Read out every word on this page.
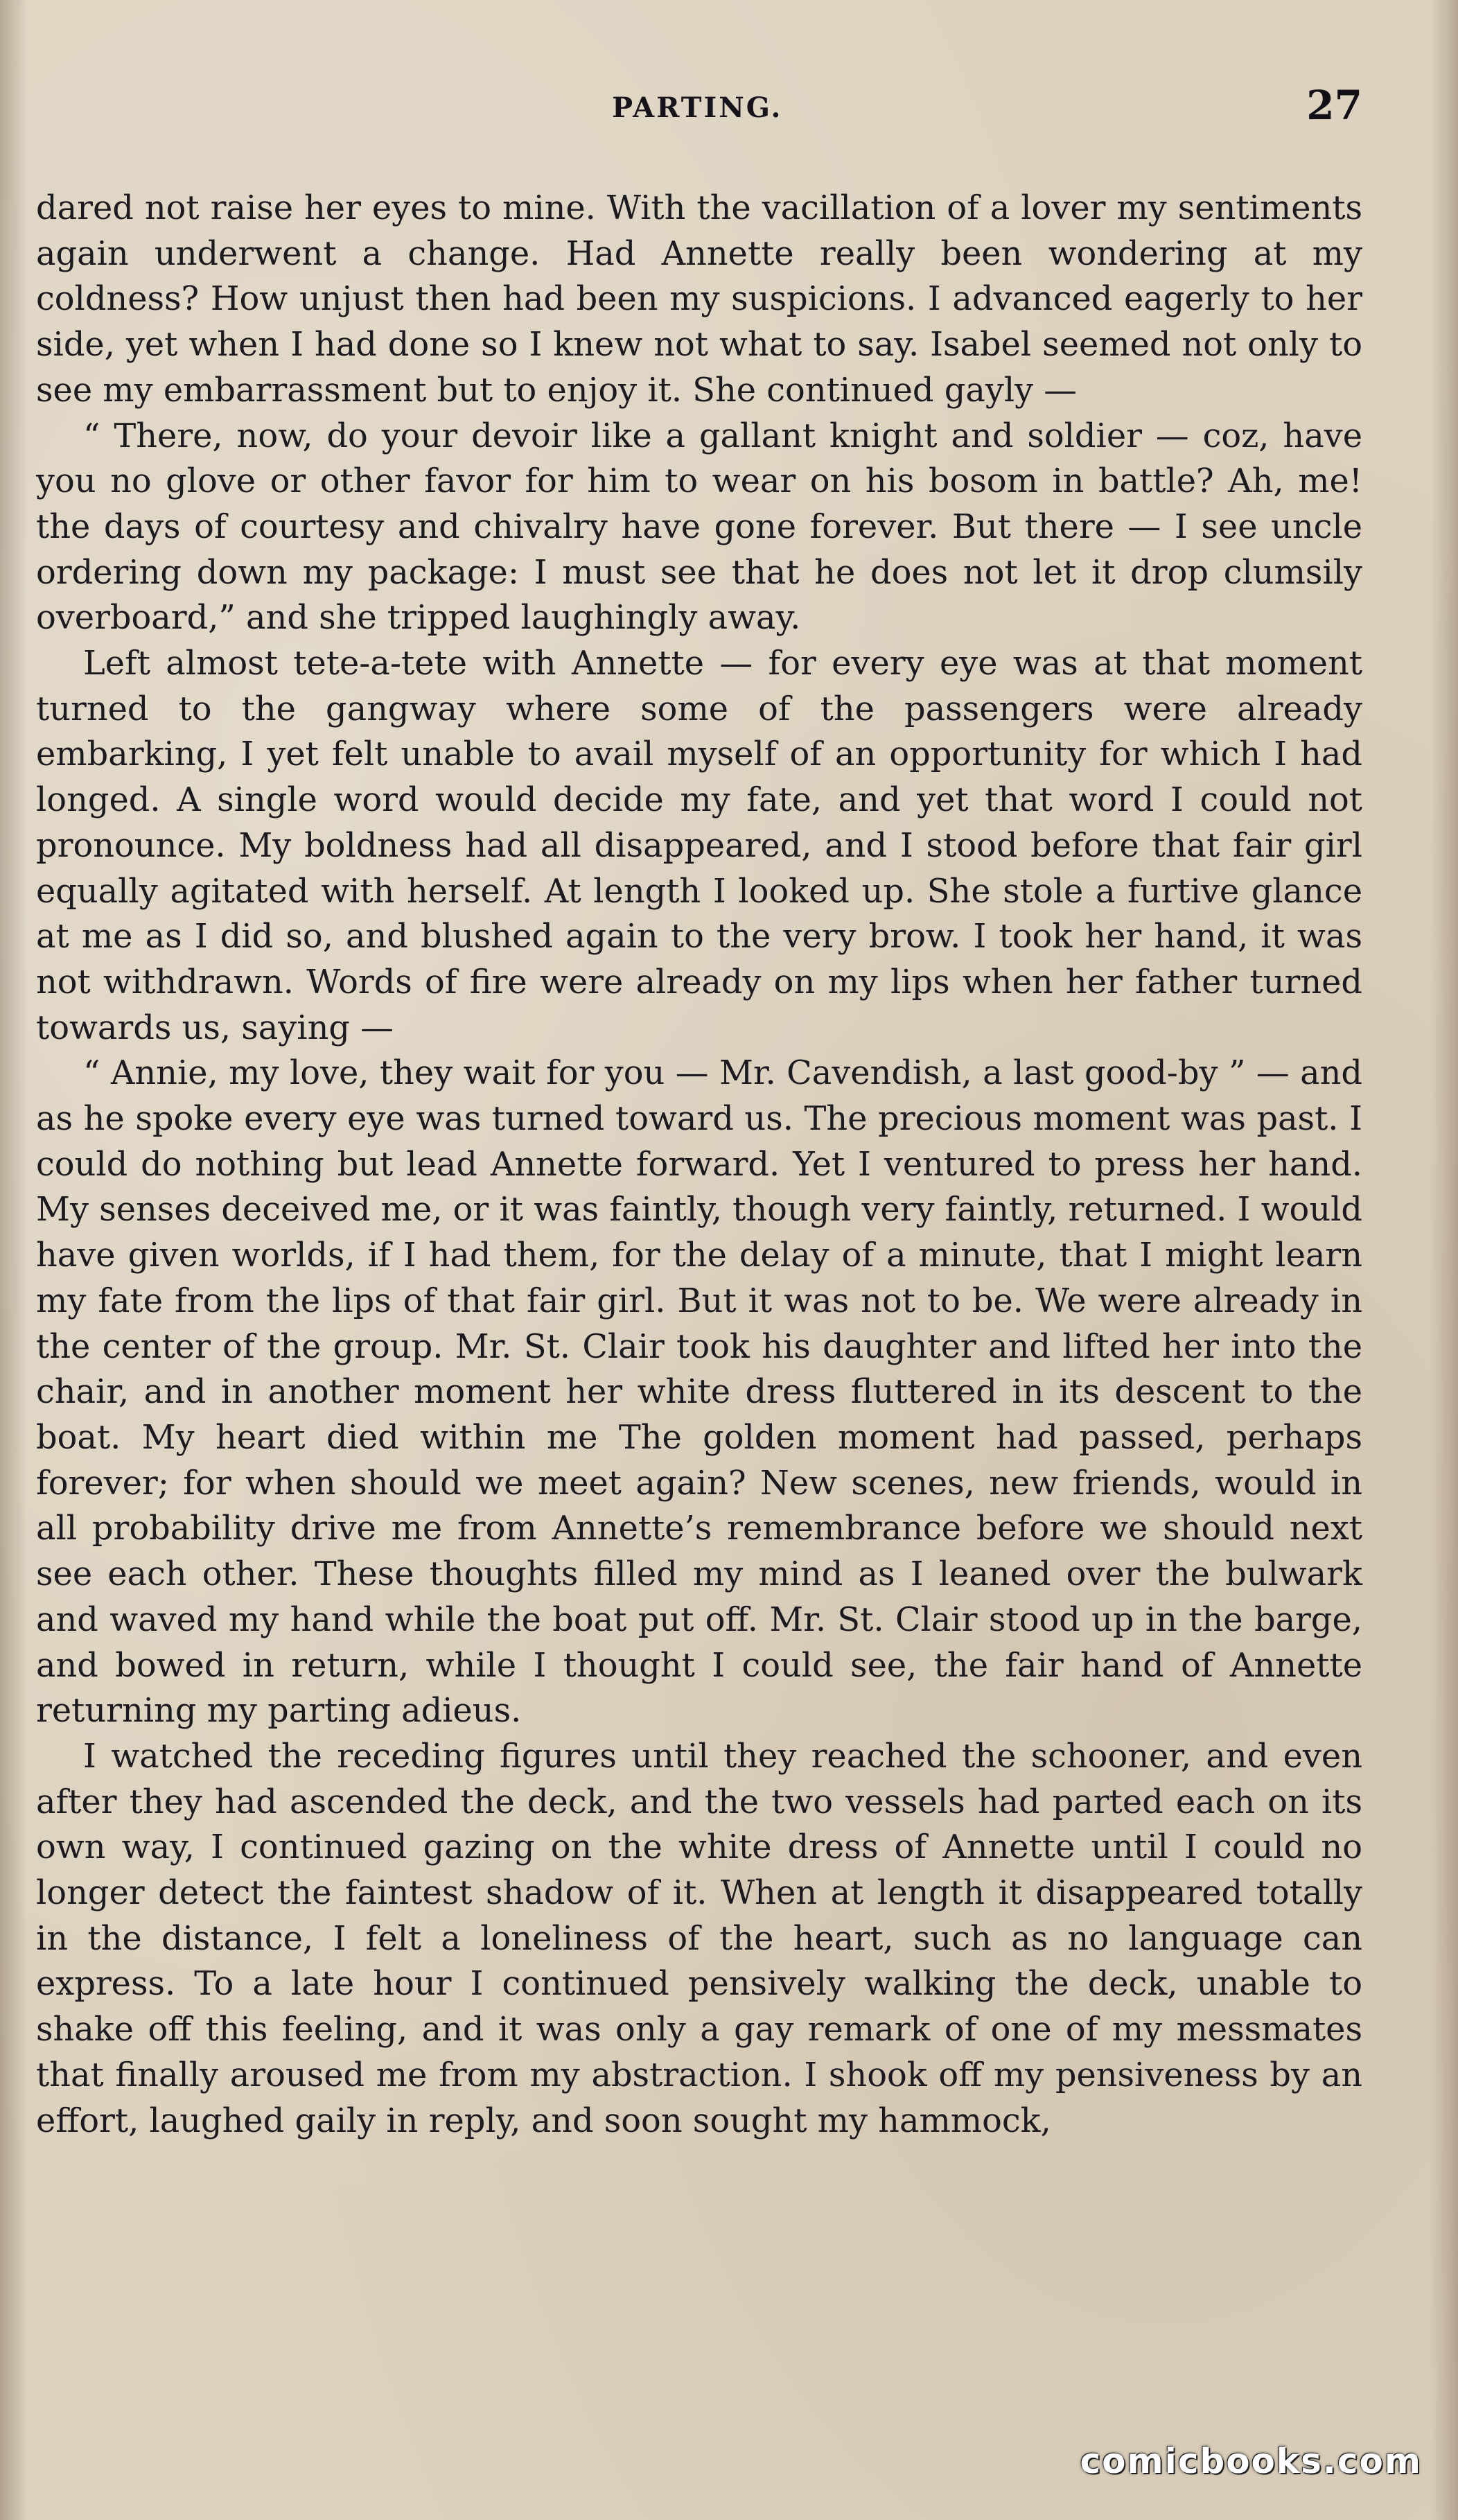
PARTING.	27

dared not raise her eyes to mine. With the vacillation of a lover my sentiments again underwent a change. Had Annette really been wondering at my coldness? How unjust then had been my suspicions. I advanced eagerly to her side, yet when I had done so I knew not what to say. Isabel seemed not only to see my embarrassment but to enjoy it. She continued gayly —

“ There, now, do your devoir like a gallant knight and soldier — coz, have you no glove or other favor for him to wear on his bosom in battle? Ah, me! the days of courtesy and chivalry have gone forever. But there — I see uncle ordering down my package: I must see that he does not let it drop clumsily overboard,” and she tripped laughingly away.

Left almost tete-a-tete with Annette — for every eye was at that moment turned to the gangway where some of the passengers were already embarking, I yet felt unable to avail myself of an opportunity for which I had longed. A single word would decide my fate, and yet that word I could not pronounce. My boldness had all disappeared, and I stood before that fair girl equally agitated with herself. At length I looked up. She stole a furtive glance at me as I did so, and blushed again to the very brow. I took her hand, it was not withdrawn. Words of fire were already on my lips when her father turned towards us, saying —

“ Annie, my love, they wait for you — Mr. Cavendish, a last good-by ” — and as he spoke every eye was turned toward us. The precious moment was past. I could do nothing but lead Annette forward. Yet I ventured to press her hand. My senses deceived me, or it was faintly, though very faintly, returned. I would have given worlds, if I had them, for the delay of a minute, that I might learn my fate from the lips of that fair girl. But it was not to be. We were already in the center of the group. Mr. St. Clair took his daughter and lifted her into the chair, and in another moment her white dress fluttered in its descent to the boat. My heart died within me The golden moment had passed, perhaps forever; for when should we meet again? New scenes, new friends, would in all probability drive me from Annette’s remembrance before we should next see each other. These thoughts filled my mind as I leaned over the bulwark and waved my hand while the boat put off. Mr. St. Clair stood up in the barge, and bowed in return, while I thought I could see, the fair hand of Annette returning my parting adieus.

I watched the receding figures until they reached the schooner, and even after they had ascended the deck, and the two vessels had parted each on its own way, I continued gazing on the white dress of Annette until I could no longer detect the faintest shadow of it. When at length it disappeared totally in the distance, I felt a loneliness of the heart, such as no language can express. To a late hour I continued pensively walking the deck, unable to shake off this feeling, and it was only a gay remark of one of my messmates that finally aroused me from my abstraction. I shook off my pensiveness by an effort, laughed gaily in reply, and soon sought my hammock,

comicbooks.com
